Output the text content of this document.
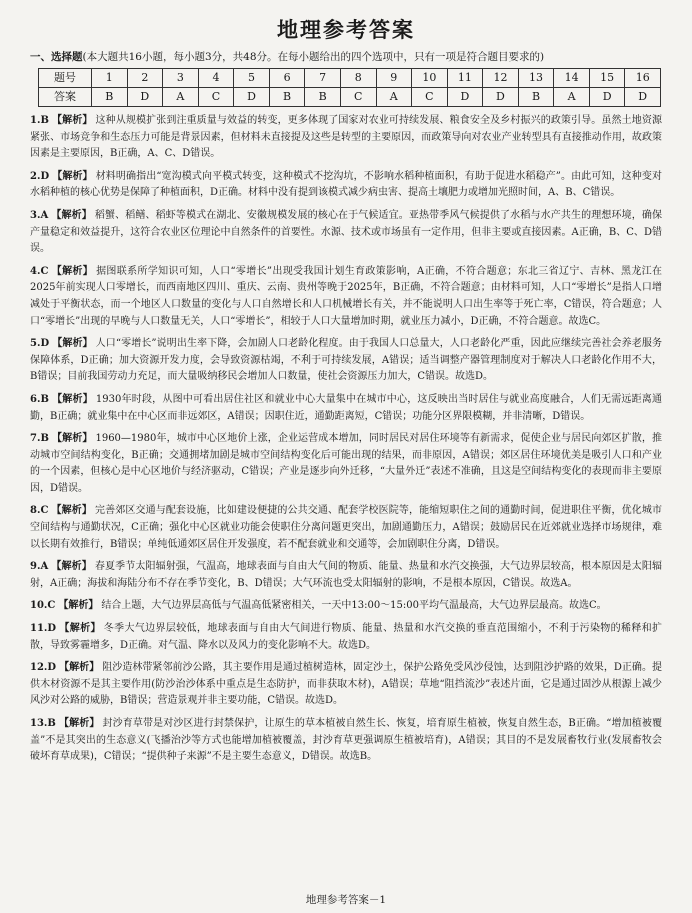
地理参考答案
一、选择题(本大题共16小题，每小题3分，共48分。在每小题给出的四个选项中，只有一项是符合题目要求的)
题号	1	2	3	4	5	6	7	8	9	10	11	12	13	14	15	16
答案	B	D	A	C	D	B	B	C	A	C	D	D	B	A	D	D
1.B 【解析】 这种从规模扩张到注重质量与效益的转变，更多体现了国家对农业可持续发展、粮食安全及乡村振兴的政策引导。虽然土地资源紧张、市场竞争和生态压力可能是背景因素，但材料未直接提及这些是转型的主要原因，而政策导向对农业产业转型具有直接推动作用，故政策因素是主要原因，B正确，A、C、D错误。
2.D 【解析】 材料明确指出“宽沟模式向平模式转变，这种模式不挖沟坑，不影响水稻种植面积，有助于促进水稻稳产”。由此可知，这种变对水稻种植的核心优势是保障了种植面积，D正确。材料中没有提到该模式减少病虫害、提高土壤肥力或增加光照时间，A、B、C错误。
3.A 【解析】 稻蟹、稻鳝、稻虾等模式在湖北、安徽规模发展的核心在于气候适宜。亚热带季风气候提供了水稻与水产共生的理想环境，确保产量稳定和效益提升，这符合农业区位理论中自然条件的首要性。水源、技术或市场虽有一定作用，但非主要或直接因素。A正确，B、C、D错误。
4.C 【解析】 据图联系所学知识可知，人口“零增长”出现受我国计划生育政策影响，A正确，不符合题意；东北三省辽宁、吉林、黑龙江在2025年前实现人口零增长，而西南地区四川、重庆、云南、贵州等晚于2025年，B正确，不符合题意；由材料可知，人口“零增长”是指人口增减处于平衡状态，而一个地区人口数量的变化与人口自然增长和人口机械增长有关，并不能说明人口出生率等于死亡率，C错误，符合题意；人口“零增长”出现的早晚与人口数量无关，人口“零增长”，相较于人口大量增加时期，就业压力减小，D正确，不符合题意。故选C。
5.D 【解析】 人口“零增长”说明出生率下降，会加剧人口老龄化程度。由于我国人口总量大，人口老龄化严重，因此应继续完善社会养老服务保障体系，D正确；加大资源开发力度，会导致资源枯竭，不利于可持续发展，A错误；适当调整产器管理制度对于解决人口老龄化作用不大，B错误；目前我国劳动力充足，而大量吸纳移民会增加人口数量，使社会资源压力加大，C错误。故选D。
6.B 【解析】 1930年时段，从图中可看出居住社区和就业中心大量集中在城市中心，这反映出当时居住与就业高度融合，人们无需远距离通勤，B正确；就业集中在中心区而非远郊区，A错误；因职住近，通勤距离短，C错误；功能分区界限模糊，并非清晰，D错误。
7.B 【解析】 1960—1980年，城市中心区地价上涨，企业运营成本增加，同时居民对居住环境等有新需求，促使企业与居民向郊区扩散，推动城市空间结构变化，B正确；交通拥堵加剧是城市空间结构变化后可能出现的结果，而非原因，A错误；郊区居住环境优美是吸引人口和产业的一个因素，但核心是中心区地价与经济驱动，C错误；产业是逐步向外迁移，“大量外迁”表述不准确，且这是空间结构变化的表现而非主要原因，D错误。
8.C 【解析】 完善郊区交通与配套设施，比如建设便捷的公共交通、配套学校医院等，能缩短职住之间的通勤时间，促进职住平衡，优化城市空间结构与通勤状况，C正确；强化中心区就业功能会使职住分离问题更突出，加剧通勤压力，A错误；鼓励居民在近郊就业选择市场规律，难以长期有效推行，B错误；单纯低通郊区居住开发强度，若不配套就业和交通等，会加剧职住分离，D错误。
9.A 【解析】 春夏季节太阳辐射强，气温高，地球表面与自由大气间的物质、能量、热量和水汽交换强，大气边界层较高，根本原因是太阳辐射，A正确；海拔和海陆分布不存在季节变化，B、D错误；大气环流也受太阳辐射的影响，不是根本原因，C错误。故选A。
10.C 【解析】 结合上题，大气边界层高低与气温高低紧密相关，一天中13:00～15:00平均气温最高，大气边界层最高。故选C。
11.D 【解析】 冬季大气边界层较低，地球表面与自由大气间进行物质、能量、热量和水汽交换的垂直范围缩小，不利于污染物的稀释和扩散，导致雾霾增多，D正确。对气温、降水以及风力的变化影响不大。故选D。
12.D 【解析】 阻沙造林带紧邻前沙公路，其主要作用是通过植树造林，固定沙土，保护公路免受风沙侵蚀，达到阻沙护路的效果，D正确。提供木材资源不是其主要作用(防沙治沙体系中重点是生态防护，而非获取木材)，A错误；草地“阻挡流沙”表述片面，它是通过固沙从根源上减少风沙对公路的威胁，B错误；营造景观并非主要功能，C错误。故选D。
13.B 【解析】 封沙育草带是对沙区进行封禁保护，让原生的草本植被自然生长、恢复，培育原生植被，恢复自然生态，B正确。“增加植被覆盖”不是其突出的生态意义(飞播治沙等方式也能增加植被覆盖，封沙育草更强调原生植被培育)，A错误；其目的不是发展畜牧行业(发展畜牧会破坏育草成果)，C错误；“提供种子来源”不是主要生态意义，D错误。故选B。
地理参考答案－1
